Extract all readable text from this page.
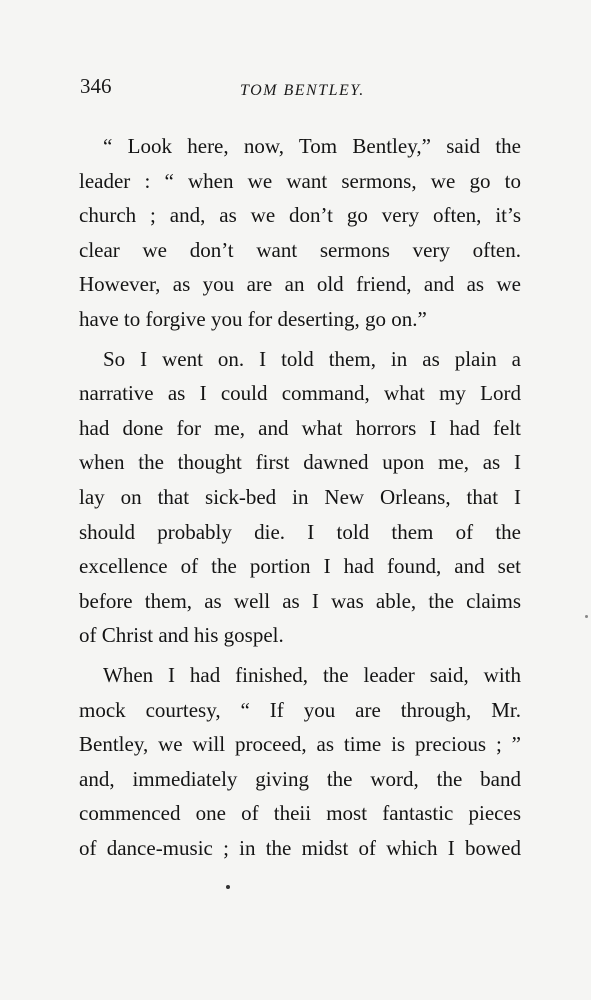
346	TOM BENTLEY.
“ Look here, now, Tom Bentley,” said the
leader : “ when we want sermons, we go to
church ; and, as we don’t go very often, it’s
clear we don’t want sermons very often.
However, as you are an old friend, and as we
have to forgive you for deserting, go on.”
So I went on. I told them, in as plain a
narrative as I could command, what my Lord
had done for me, and what horrors I had felt
when the thought first dawned upon me, as I
lay on that sick-bed in New Orleans, that I
should probably die. I told them of the
excellence of the portion I had found, and set
before them, as well as I was able, the claims
of Christ and his gospel.
When I had finished, the leader said, with
mock courtesy, “ If you are through, Mr.
Bentley, we will proceed, as time is precious ; ”
and, immediately giving the word, the band
commenced one of theii most fantastic pieces
of dance-music ; in the midst of which I bowed
